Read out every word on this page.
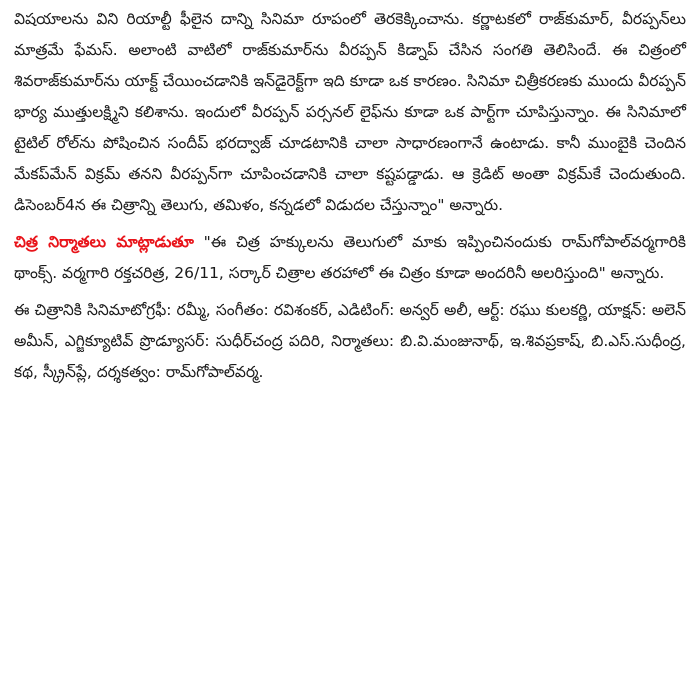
విషయాలను విని రియాల్టీ ఫీలైన దాన్ని సినిమా రూపంలో తెరకెక్కించాను. కర్ణాటకలో రాజ్‌కుమార్, వీరప్పన్‌లు మాత్రమే ఫేమస్. అలాంటి వాటిలో రాజ్‌కుమార్‌ను వీరప్పన్ కిడ్నాప్ చేసిన సంగతి తెలిసిందే. ఈ చిత్రంలో శివరాజ్‌కుమార్‌ను యాక్ట్ చేయించడానికి ఇన్‌డైరెక్ట్‌గా ఇది కూడా ఒక కారణం. సినిమా చిత్రీకరణకు ముందు వీరప్పన్ భార్య ముత్తులక్ష్మిని కలిశాను. ఇందులో వీరప్పన్ పర్సనల్ లైఫ్‌ను కూడా ఒక పార్ట్‌గా చూపిస్తున్నాం. ఈ సినిమాలో టైటిల్ రోల్‌ను పోషించిన సందీప్ భరద్వాజ్ చూడటానికి చాలా సాధారణంగానే ఉంటాడు. కానీ ముంబైకి చెందిన మేకప్‌మేన్ విక్రమ్ తనని వీరప్పన్‌గా చూపించడానికి చాలా కష్టపడ్డాడు. ఆ క్రెడిట్ అంతా విక్రమ్‌కే చెందుతుంది. డిసెంబర్4న ఈ చిత్రాన్ని తెలుగు, తమిళం, కన్నడలో విడుదల చేస్తున్నాం" అన్నారు.

చిత్ర నిర్మాతలు మాట్లాడుతూ "ఈ చిత్ర హక్కులను తెలుగులో మాకు ఇప్పించినందుకు రామ్‌గోపాల్‌వర్మగారికి థాంక్స్. వర్మగారి రక్తచరిత్ర, 26/11, సర్కార్ చిత్రాల తరహాలో ఈ చిత్రం కూడా అందరినీ అలరిస్తుంది" అన్నారు.

ఈ చిత్రానికి సినిమాటోగ్రఫీ: రమ్మీ, సంగీతం: రవిశంకర్, ఎడిటింగ్: అన్వర్ అలీ, ఆర్ట్: రఘు కులకర్ణి, యాక్షన్: అలెన్ అమీన్, ఎగ్జిక్యూటివ్ ప్రొడ్యూసర్: సుధీర్‌చంద్ర పదిరి, నిర్మాతలు: బి.వి.మంజునాథ్, ఇ.శివప్రకాష్, బి.ఎస్.సుధీంద్ర, కథ, స్క్రీన్‌ప్లే, దర్శకత్వం: రామ్‌గోపాల్‌వర్మ.
